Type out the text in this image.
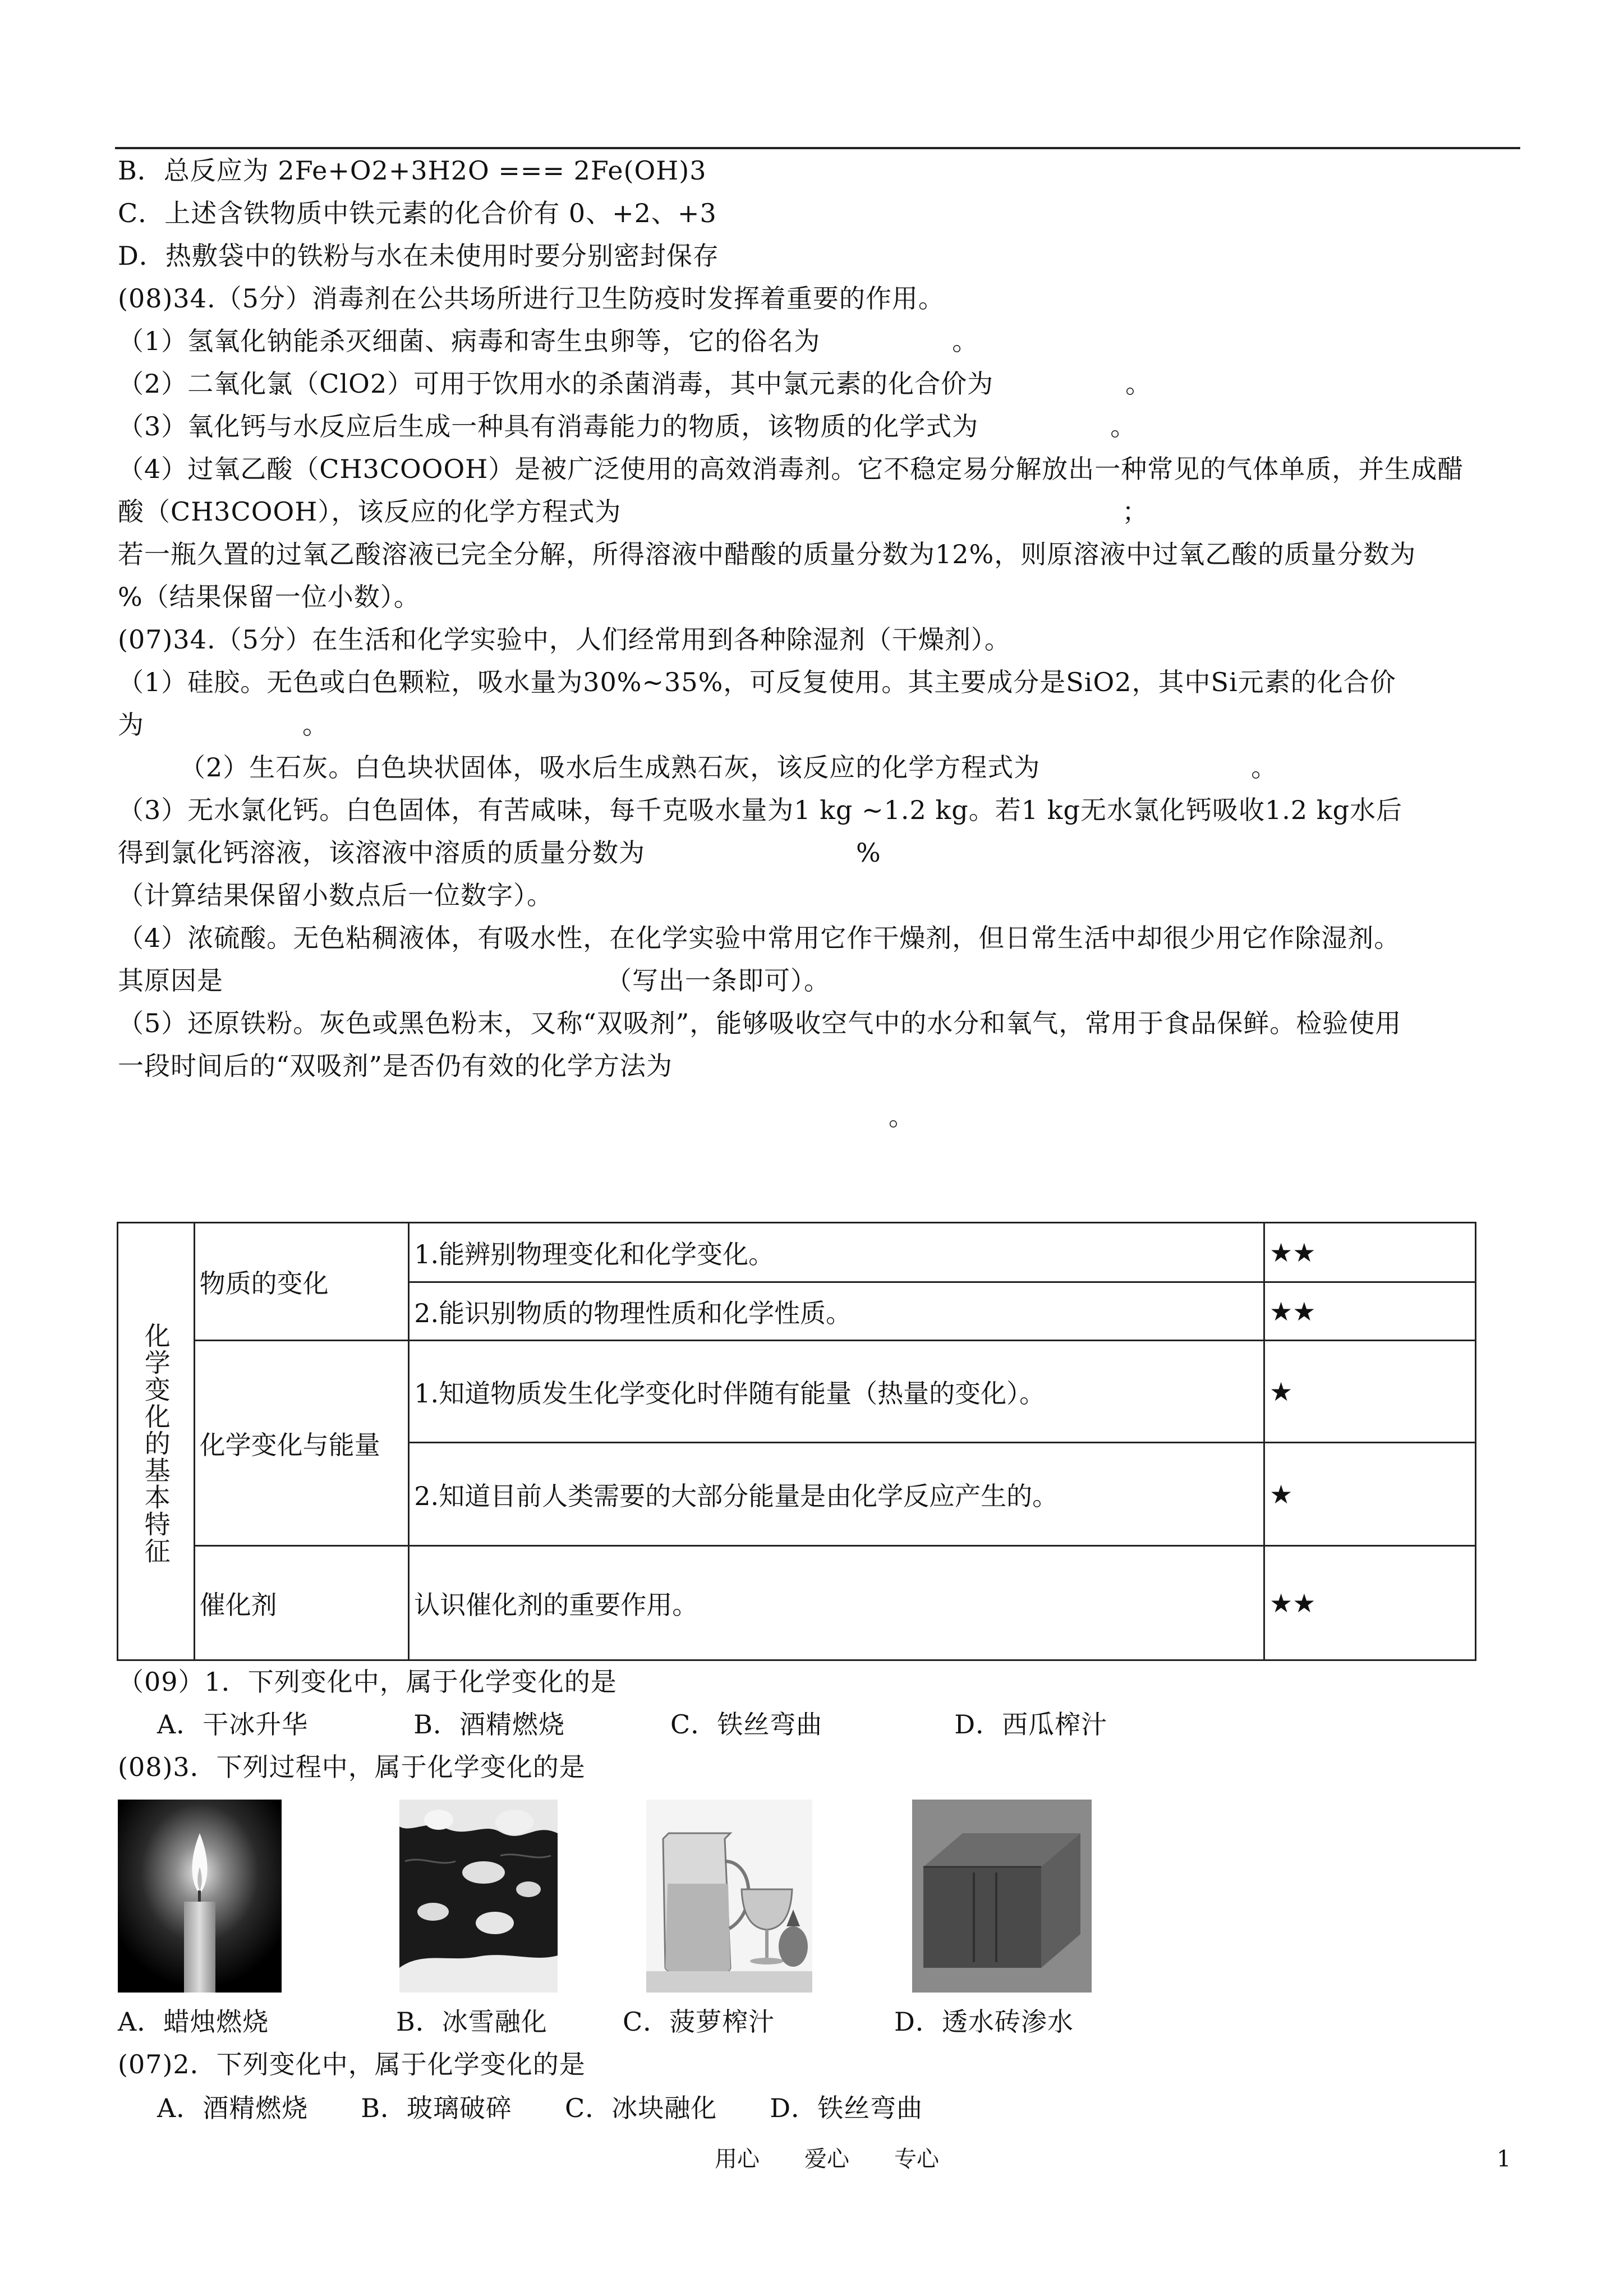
B．总反应为 2Fe+O2+3H2O === 2Fe(OH)3
C．上述含铁物质中铁元素的化合价有 0、+2、+3
D．热敷袋中的铁粉与水在未使用时要分别密封保存
(08)34.（5分）消毒剂在公共场所进行卫生防疫时发挥着重要的作用。
（1）氢氧化钠能杀灭细菌、病毒和寄生虫卵等，它的俗名为　　　　　。
（2）二氧化氯（ClO2）可用于饮用水的杀菌消毒，其中氯元素的化合价为　　　　　。
（3）氧化钙与水反应后生成一种具有消毒能力的物质，该物质的化学式为　　　　　。
（4）过氧乙酸（CH3COOOH）是被广泛使用的高效消毒剂。它不稳定易分解放出一种常见的气体单质，并生成醋
酸（CH3COOH），该反应的化学方程式为　　　　　　　　　　　　　　　　　　　；
若一瓶久置的过氧乙酸溶液已完全分解，所得溶液中醋酸的质量分数为12%，则原溶液中过氧乙酸的质量分数为
%（结果保留一位小数）。
(07)34.（5分）在生活和化学实验中，人们经常用到各种除湿剂（干燥剂）。
（1）硅胶。无色或白色颗粒，吸水量为30%~35%，可反复使用。其主要成分是SiO2，其中Si元素的化合价
为　　　　　　。
（2）生石灰。白色块状固体，吸水后生成熟石灰，该反应的化学方程式为　　　　　　　　。
（3）无水氯化钙。白色固体，有苦咸味，每千克吸水量为1 kg ~1.2 kg。若1 kg无水氯化钙吸收1.2 kg水后
得到氯化钙溶液，该溶液中溶质的质量分数为　　　　　　　　%
（计算结果保留小数点后一位数字）。
（4）浓硫酸。无色粘稠液体，有吸水性，在化学实验中常用它作干燥剂，但日常生活中却很少用它作除湿剂。
其原因是　　　　　　　　　　　　　　　（写出一条即可）。
（5）还原铁粉。灰色或黑色粉末，又称“双吸剂”，能够吸收空气中的水分和氧气，常用于食品保鲜。检验使用
一段时间后的“双吸剂”是否仍有效的化学方法为
。
化学变化的基本特征	物质的变化	1.能辨别物理变化和化学变化。	★★
		2.能识别物质的物理性质和化学性质。	★★
	化学变化与能量	1.知道物质发生化学变化时伴随有能量（热量的变化）。	★
		2.知道目前人类需要的大部分能量是由化学反应产生的。	★
	催化剂	认识催化剂的重要作用。	★★
（09）1．下列变化中，属于化学变化的是
A．干冰升华　　　　B．酒精燃烧　　　　C．铁丝弯曲　　　　　D．西瓜榨汁
(08)3．下列过程中，属于化学变化的是
A．蜡烛燃烧	B．冰雪融化	C．菠萝榨汁	D．透水砖渗水
(07)2．下列变化中，属于化学变化的是
A．酒精燃烧　　B．玻璃破碎　　C．冰块融化　　D．铁丝弯曲
用心　　爱心　　专心	1
